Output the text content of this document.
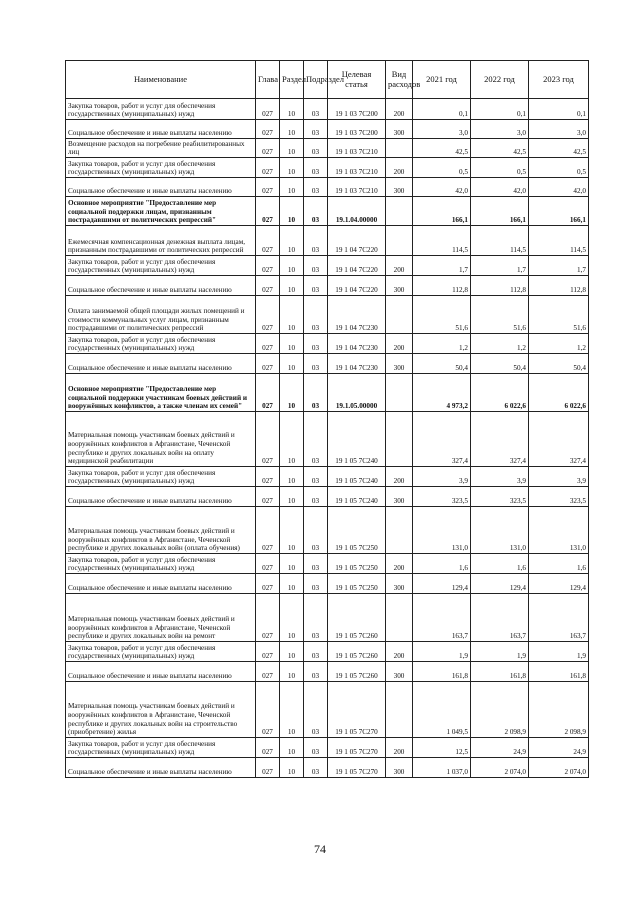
Наименование	Глава	Раздел	Подраздел	Целевая статья	Вид расходов	2021 год	2022 год	2023 год
Закупка товаров, работ и услуг для обеспечения государственных (муниципальных) нужд	027	10	03	19 1 03 7С200	200	0,1	0,1	0,1
Социальное обеспечение и иные выплаты населению	027	10	03	19 1 03 7С200	300	3,0	3,0	3,0
Возмещение расходов на погребение реабилитированных лиц	027	10	03	19 1 03 7С210		42,5	42,5	42,5
Закупка товаров, работ и услуг для обеспечения государственных (муниципальных) нужд	027	10	03	19 1 03 7С210	200	0,5	0,5	0,5
Социальное обеспечение и иные выплаты населению	027	10	03	19 1 03 7С210	300	42,0	42,0	42,0
Основное мероприятие "Предоставление мер социальной поддержки лицам, признанным пострадавшими от политических репрессий"	027	10	03	19.1.04.00000		166,1	166,1	166,1
Ежемесячная компенсационная денежная выплата лицам, признанным пострадавшими от политических репрессий	027	10	03	19 1 04 7С220		114,5	114,5	114,5
Закупка товаров, работ и услуг для обеспечения государственных (муниципальных) нужд	027	10	03	19 1 04 7С220	200	1,7	1,7	1,7
Социальное обеспечение и иные выплаты населению	027	10	03	19 1 04 7С220	300	112,8	112,8	112,8
Оплата занимаемой общей площади жилых помещений и стоимости коммунальных услуг лицам, признанным пострадавшими от политических репрессий	027	10	03	19 1 04 7С230		51,6	51,6	51,6
Закупка товаров, работ и услуг для обеспечения государственных (муниципальных) нужд	027	10	03	19 1 04 7С230	200	1,2	1,2	1,2
Социальное обеспечение и иные выплаты населению	027	10	03	19 1 04 7С230	300	50,4	50,4	50,4
Основное мероприятие "Предоставление мер социальной поддержки участникам боевых действий и вооружённых конфликтов, а также членам их семей"	027	10	03	19.1.05.00000		4 973,2	6 022,6	6 022,6
Материальная помощь участникам боевых действий и вооружённых конфликтов в Афганистане, Чеченской республике и других локальных войн на оплату медицинской реабилитации	027	10	03	19 1 05 7С240		327,4	327,4	327,4
Закупка товаров, работ и услуг для обеспечения государственных (муниципальных) нужд	027	10	03	19 1 05 7С240	200	3,9	3,9	3,9
Социальное обеспечение и иные выплаты населению	027	10	03	19 1 05 7С240	300	323,5	323,5	323,5
Материальная помощь участникам боевых действий и вооружённых конфликтов в Афганистане, Чеченской республике и других локальных войн (оплата обучения)	027	10	03	19 1 05 7С250		131,0	131,0	131,0
Закупка товаров, работ и услуг для обеспечения государственных (муниципальных) нужд	027	10	03	19 1 05 7С250	200	1,6	1,6	1,6
Социальное обеспечение и иные выплаты населению	027	10	03	19 1 05 7С250	300	129,4	129,4	129,4
Материальная помощь участникам боевых действий и вооружённых конфликтов в Афганистане, Чеченской республике и других локальных войн на ремонт	027	10	03	19 1 05 7С260		163,7	163,7	163,7
Закупка товаров, работ и услуг для обеспечения государственных (муниципальных) нужд	027	10	03	19 1 05 7С260	200	1,9	1,9	1,9
Социальное обеспечение и иные выплаты населению	027	10	03	19 1 05 7С260	300	161,8	161,8	161,8
Материальная помощь участникам боевых действий и вооружённых конфликтов в Афганистане, Чеченской республике и других локальных войн на строительство (приобретение) жилья	027	10	03	19 1 05 7С270		1 049,5	2 098,9	2 098,9
Закупка товаров, работ и услуг для обеспечения государственных (муниципальных) нужд	027	10	03	19 1 05 7С270	200	12,5	24,9	24,9
Социальное обеспечение и иные выплаты населению	027	10	03	19 1 05 7С270	300	1 037,0	2 074,0	2 074,0
74
